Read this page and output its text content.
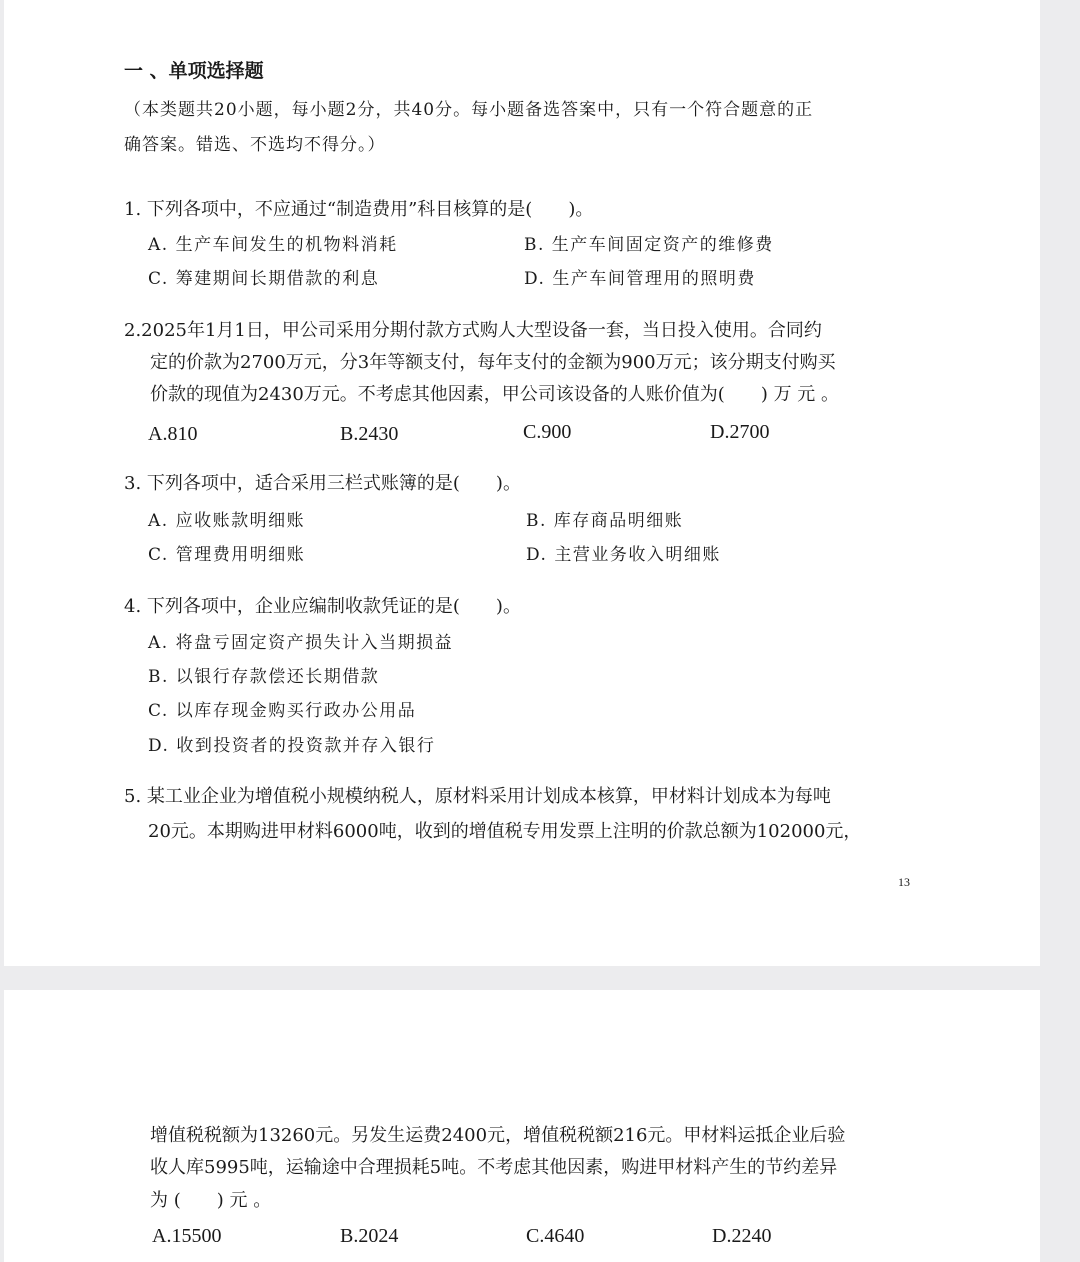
一 、单项选择题
（本类题共20小题，每小题2分，共40分。每小题备选答案中，只有一个符合题意的正
确答案。错选、不选均不得分。）
1. 下列各项中，不应通过“制造费用”科目核算的是(　　)。
A. 生产车间发生的机物料消耗	B. 生产车间固定资产的维修费
C. 筹建期间长期借款的利息	D. 生产车间管理用的照明费
2.2025年1月1日，甲公司采用分期付款方式购人大型设备一套，当日投入使用。合同约
定的价款为2700万元，分3年等额支付，每年支付的金额为900万元；该分期支付购买
价款的现值为2430万元。不考虑其他因素，甲公司该设备的人账价值为(　　) 万 元 。
A.810	B.2430	C.900	D.2700
3. 下列各项中，适合采用三栏式账簿的是(　　)。
A. 应收账款明细账	B. 库存商品明细账
C. 管理费用明细账	D. 主营业务收入明细账
4. 下列各项中，企业应编制收款凭证的是(　　)。
A. 将盘亏固定资产损失计入当期损益
B. 以银行存款偿还长期借款
C. 以库存现金购买行政办公用品
D. 收到投资者的投资款并存入银行
5. 某工业企业为增值税小规模纳税人，原材料采用计划成本核算，甲材料计划成本为每吨
20元。本期购进甲材料6000吨，收到的增值税专用发票上注明的价款总额为102000元，
13
增值税税额为13260元。另发生运费2400元，增值税税额216元。甲材料运抵企业后验
收人库5995吨，运输途中合理损耗5吨。不考虑其他因素，购进甲材料产生的节约差异
为 (　　) 元 。
A.15500	B.2024	C.4640	D.2240
